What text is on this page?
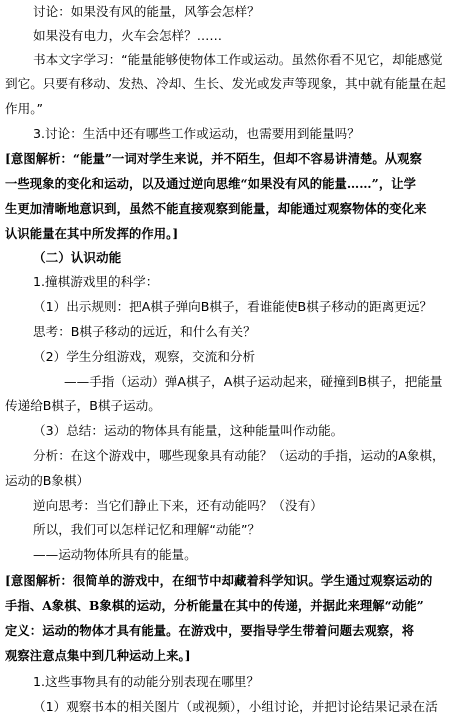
讨论：如果没有风的能量，风筝会怎样？
如果没有电力，火车会怎样？……
书本文字学习：“能量能够使物体工作或运动。虽然你看不见它，却能感觉
到它。只要有移动、发热、冷却、生长、发光或发声等现象，其中就有能量在起
作用。”
3.讨论：生活中还有哪些工作或运动，也需要用到能量吗？
[意图解析：“能量”一词对学生来说，并不陌生，但却不容易讲清楚。从观察
一些现象的变化和运动，以及通过逆向思维“如果没有风的能量……”，让学
生更加清晰地意识到，虽然不能直接观察到能量，却能通过观察物体的变化来
认识能量在其中所发挥的作用。]
（二）认识动能
1.撞棋游戏里的科学：
（1）出示规则：把A棋子弹向B棋子，看谁能使B棋子移动的距离更远？
思考：B棋子移动的远近，和什么有关？
（2）学生分组游戏，观察，交流和分析
——手指（运动）弹A棋子，A棋子运动起来，碰撞到B棋子，把能量
传递给B棋子，B棋子运动。
（3）总结：运动的物体具有能量，这种能量叫作动能。
分析：在这个游戏中，哪些现象具有动能？（运动的手指，运动的A象棋，
运动的B象棋）
逆向思考：当它们静止下来，还有动能吗？（没有）
所以，我们可以怎样记忆和理解“动能”？
——运动物体所具有的能量。
[意图解析：很简单的游戏中，在细节中却藏着科学知识。学生通过观察运动的
手指、A象棋、B象棋的运动，分析能量在其中的传递，并据此来理解“动能”
定义：运动的物体才具有能量。在游戏中，要指导学生带着问题去观察，将
观察注意点集中到几种运动上来。]
1.这些事物具有的动能分别表现在哪里？
（1）观察书本的相关图片（或视频），小组讨论，并把讨论结果记录在活
